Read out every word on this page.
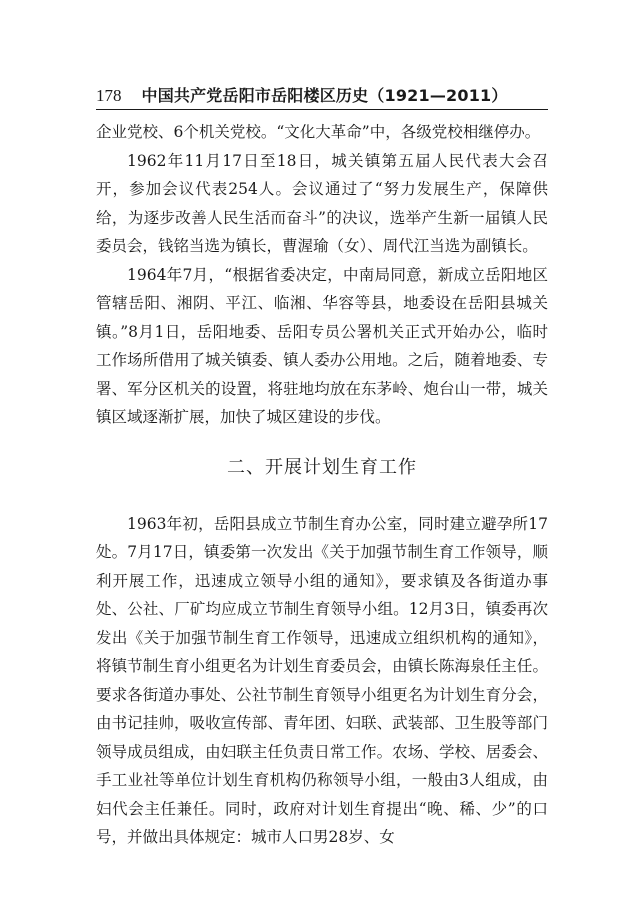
178 中国共产党岳阳市岳阳楼区历史（1921—2011）

企业党校、6个机关党校。“文化大革命”中，各级党校相继停办。

1962年11月17日至18日，城关镇第五届人民代表大会召开，参加会议代表254人。会议通过了“努力发展生产，保障供给，为逐步改善人民生活而奋斗”的决议，选举产生新一届镇人民委员会，钱铭当选为镇长，曹渥瑜（女）、周代江当选为副镇长。

1964年7月，“根据省委决定，中南局同意，新成立岳阳地区管辖岳阳、湘阴、平江、临湘、华容等县，地委设在岳阳县城关镇。”8月1日，岳阳地委、岳阳专员公署机关正式开始办公，临时工作场所借用了城关镇委、镇人委办公用地。之后，随着地委、专署、军分区机关的设置，将驻地均放在东茅岭、炮台山一带，城关镇区域逐渐扩展，加快了城区建设的步伐。

二、开展计划生育工作

1963年初，岳阳县成立节制生育办公室，同时建立避孕所17处。7月17日，镇委第一次发出《关于加强节制生育工作领导，顺利开展工作，迅速成立领导小组的通知》，要求镇及各街道办事处、公社、厂矿均应成立节制生育领导小组。12月3日，镇委再次发出《关于加强节制生育工作领导，迅速成立组织机构的通知》，将镇节制生育小组更名为计划生育委员会，由镇长陈海泉任主任。要求各街道办事处、公社节制生育领导小组更名为计划生育分会，由书记挂帅，吸收宣传部、青年团、妇联、武装部、卫生股等部门领导成员组成，由妇联主任负责日常工作。农场、学校、居委会、手工业社等单位计划生育机构仍称领导小组，一般由3人组成，由妇代会主任兼任。同时，政府对计划生育提出“晚、稀、少”的口号，并做出具体规定：城市人口男28岁、女
